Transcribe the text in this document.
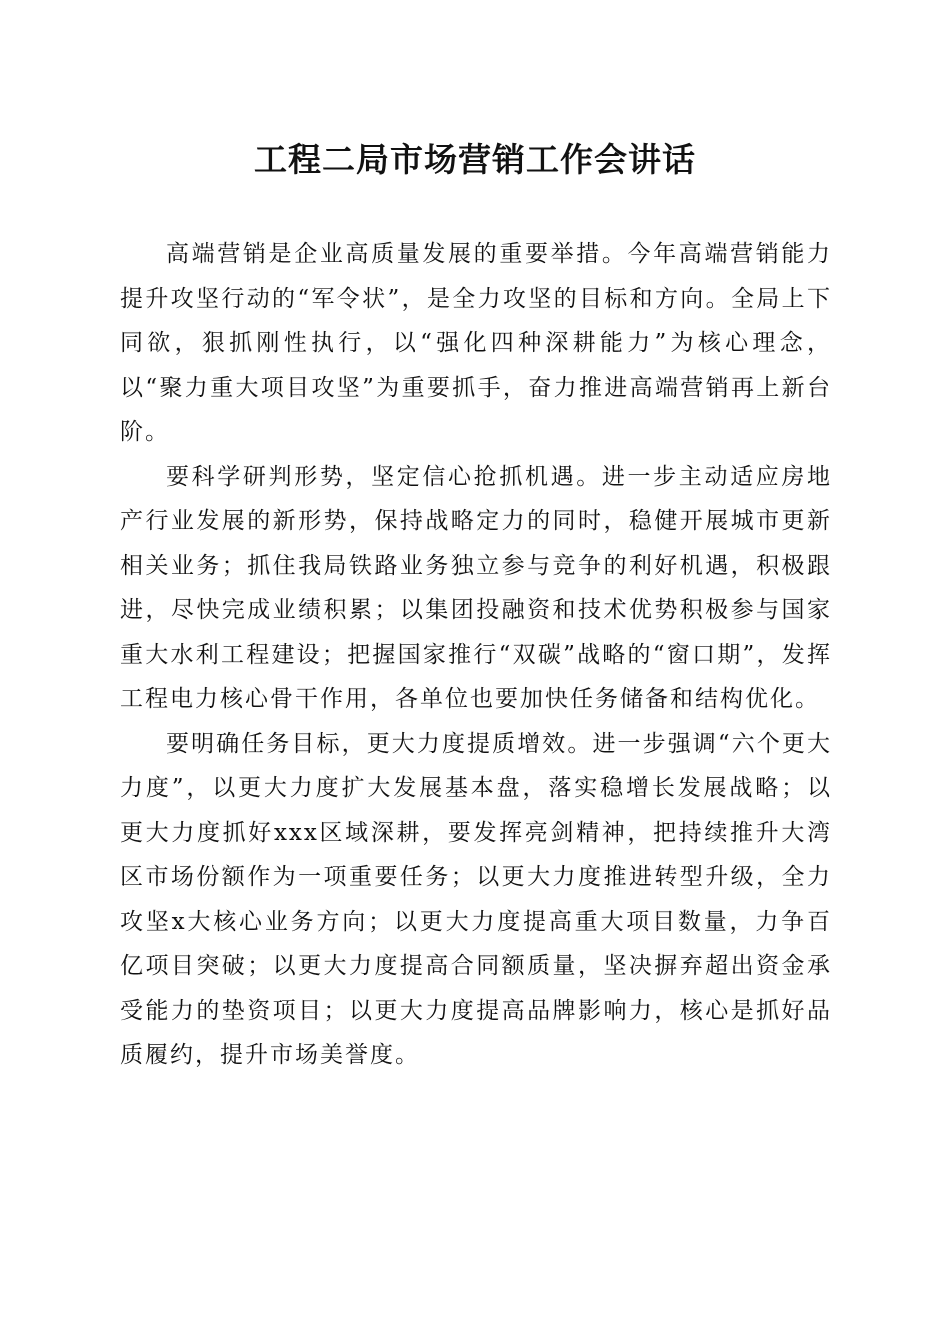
工程二局市场营销工作会讲话

高端营销是企业高质量发展的重要举措。今年高端营销能力提升攻坚行动的“军令状”，是全力攻坚的目标和方向。全局上下同欲，狠抓刚性执行，以“强化四种深耕能力”为核心理念，以“聚力重大项目攻坚”为重要抓手，奋力推进高端营销再上新台阶。

要科学研判形势，坚定信心抢抓机遇。进一步主动适应房地产行业发展的新形势，保持战略定力的同时，稳健开展城市更新相关业务；抓住我局铁路业务独立参与竞争的利好机遇，积极跟进，尽快完成业绩积累；以集团投融资和技术优势积极参与国家重大水利工程建设；把握国家推行“双碳”战略的“窗口期”，发挥工程电力核心骨干作用，各单位也要加快任务储备和结构优化。

要明确任务目标，更大力度提质增效。进一步强调“六个更大力度”，以更大力度扩大发展基本盘，落实稳增长发展战略；以更大力度抓好xxx区域深耕，要发挥亮剑精神，把持续推升大湾区市场份额作为一项重要任务；以更大力度推进转型升级，全力攻坚x大核心业务方向；以更大力度提高重大项目数量，力争百亿项目突破；以更大力度提高合同额质量，坚决摒弃超出资金承受能力的垫资项目；以更大力度提高品牌影响力，核心是抓好品质履约，提升市场美誉度。
